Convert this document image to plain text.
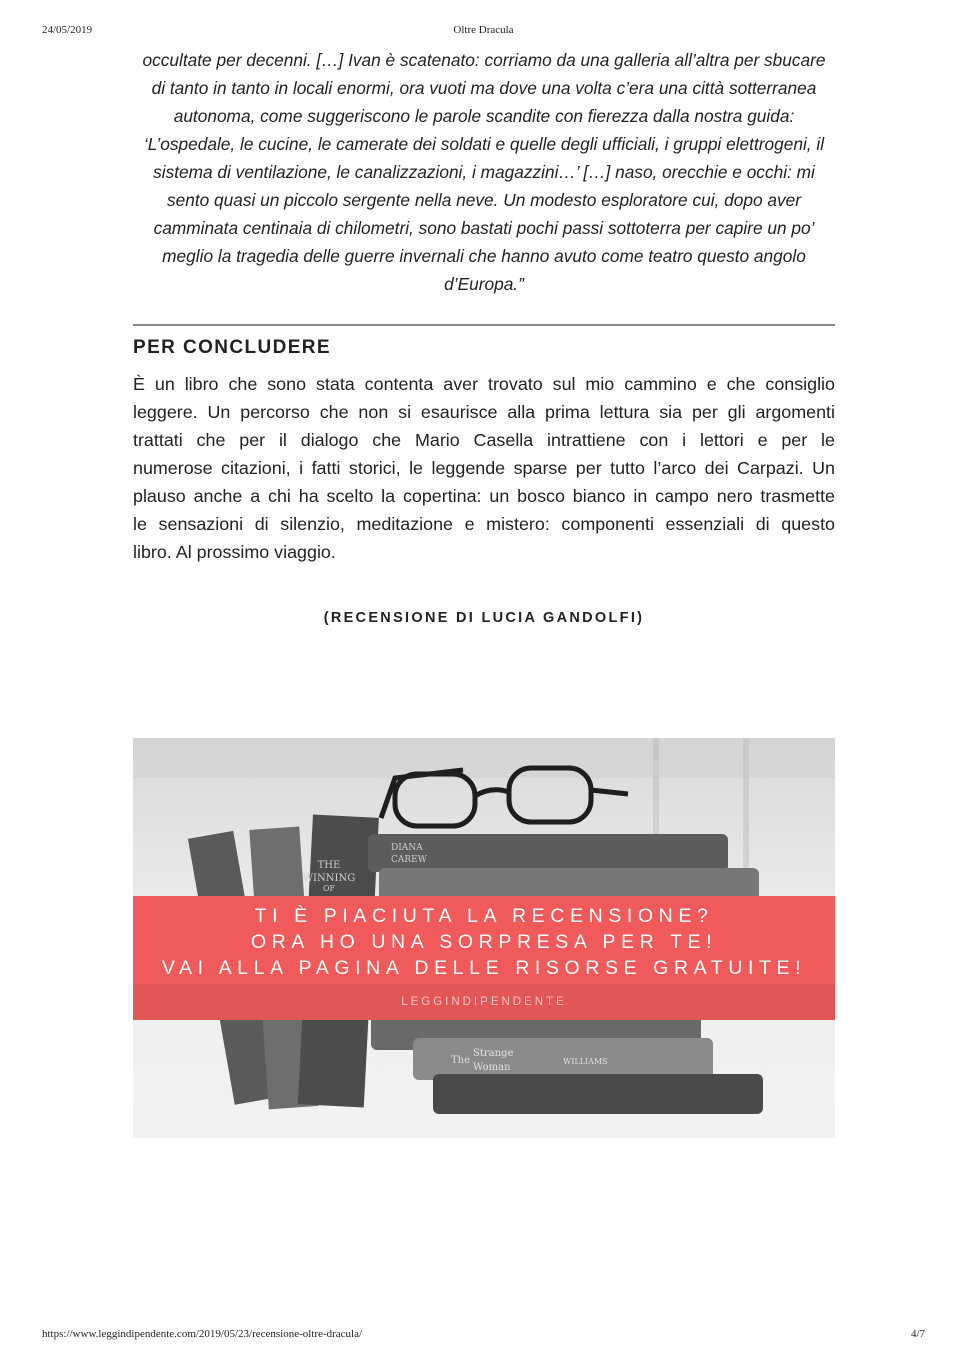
24/05/2019	Oltre Dracula
occultate per decenni. […] Ivan è scatenato: corriamo da una galleria all’altra per sbucare
di tanto in tanto in locali enormi, ora vuoti ma dove una volta c’era una città sotterranea
autonoma, come suggeriscono le parole scandite con fierezza dalla nostra guida:
‘L’ospedale, le cucine, le camerate dei soldati e quelle degli ufficiali, i gruppi elettrogeni, il
sistema di ventilazione, le canalizzazioni, i magazzini…’ […] naso, orecchie e occhi: mi
sento quasi un piccolo sergente nella neve. Un modesto esploratore cui, dopo aver
camminata centinaia di chilometri, sono bastati pochi passi sottoterra per capire un po’
meglio la tragedia delle guerre invernali che hanno avuto come teatro questo angolo
d’Europa.”
PER CONCLUDERE
È un libro che sono stata contenta aver trovato sul mio cammino e che consiglio
leggere. Un percorso che non si esaurisce alla prima lettura sia per gli argomenti
trattati che per il dialogo che Mario Casella intrattiene con i lettori e per le
numerose citazioni, i fatti storici, le leggende sparse per tutto l’arco dei Carpazi. Un
plauso anche a chi ha scelto la copertina: un bosco bianco in campo nero trasmette
le sensazioni di silenzio, meditazione e mistero: componenti essenziali di questo
libro. Al prossimo viaggio.
(RECENSIONE DI LUCIA GANDOLFI)
THE
WINNING
OF
DIANA
CAREW
The
Strange
Woman
WILLIAMS
TI È PIACIUTA LA RECENSIONE?
ORA HO UNA SORPRESA PER TE!
VAI ALLA PAGINA DELLE RISORSE GRATUITE!
LEGGINDIPENDENTE
https://www.leggindipendente.com/2019/05/23/recensione-oltre-dracula/	4/7
